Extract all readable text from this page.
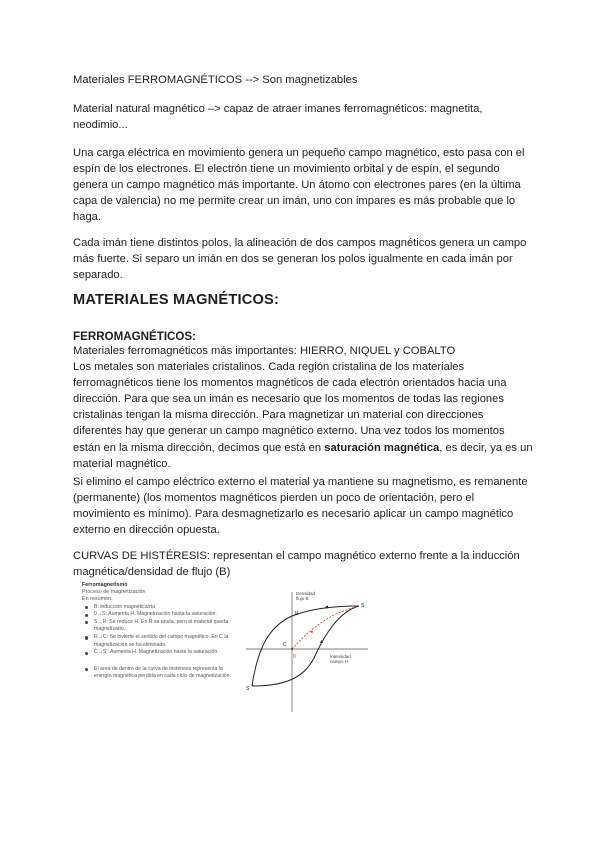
Materiales FERROMAGNÉTICOS --> Son magnetizables

Material natural magnético –> capaz de atraer imanes ferromagnéticos: magnetita, neodimio...

Una carga eléctrica en movimiento genera un pequeño campo magnético, esto pasa con el espín de los electrones. El electrón tiene un movimiento orbital y de espín, el segundo genera un campo magnético más importante. Un átomo con electrones pares (en la última capa de valencia) no me permite crear un imán, uno con impares es más probable que lo haga.

Cada imán tiene distintos polos, la alineación de dos campos magnéticos genera un campo más fuerte. Si separo un imán en dos se generan los polos igualmente en cada imán por separado.

MATERIALES MAGNÉTICOS:
FERROMAGNÉTICOS:

Materiales ferromagnéticos más importantes: HIERRO, NIQUEL y COBALTO
Los metales son materiales cristalinos. Cada región cristalina de los materiales ferromagnéticos tiene los momentos magnéticos de cada electrón orientados hacia una dirección. Para que sea un imán es necesario que los momentos de todas las regiones cristalinas tengan la misma dirección. Para magnetizar un material con direcciones diferentes hay que generar un campo magnético externo. Una vez todos los momentos están en la misma dirección, decimos que está en saturación magnética, es decir, ya es un material magnético.

Si elimino el campo eléctrico externo el material ya mantiene su magnetismo, es remanente (permanente) (los momentos magnéticos pierden un poco de orientación, pero el movimiento es mínimo). Para desmagnetizarlo es necesario aplicar un campo magnético externo en dirección opuesta.

CURVAS DE HISTÉRESIS: representan el campo magnético externo frente a la inducción magnética/densidad de flujo (B)

Ferromagnetismo

Proceso de magnetización

En resumen:

B: inducción magnética/rta
0→S: Aumenta H. Magnetización hasta la saturación.
S→R: Se reduce H. En R se anula, pero el material queda magnetizado.
R→C: Se invierte el sentido del campo magnético. En C la magnetización se ha eliminado.
C→S': Aumenta H. Magnetización hasta la saturación.
El área de dentro de la curva de histéresis representa la energía magnética perdida en cada ciclo de magnetización.
Densidad
flujo B
Intensidad
campo H
S
S'
R
C
0
